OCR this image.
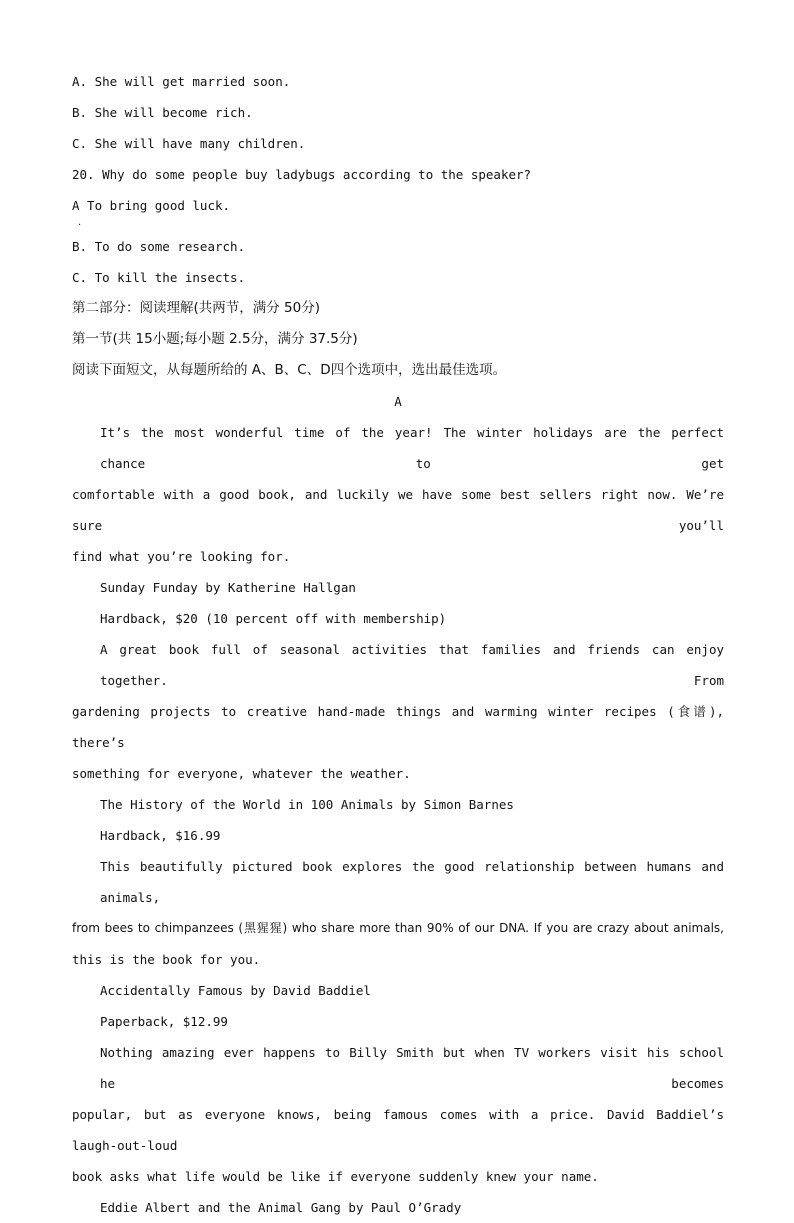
A. She will get married soon.
B. She will become rich.
C. She will have many children.
20. Why do some people buy ladybugs according to the speaker?
A To bring good luck.
·
B. To do some research.
C. To kill the insects.
第二部分：阅读理解(共两节，满分 50分)
第一节(共 15小题;每小题 2.5分，满分 37.5分)
阅读下面短文，从每题所给的 A、B、C、D四个选项中，选出最佳选项。
A
It’s the most wonderful time of the year! The winter holidays are the perfect chance to get
comfortable with a good book, and luckily we have some best sellers right now. We’re sure you’ll
find what you’re looking for.
Sunday Funday by Katherine Hallgan
Hardback, $20 (10 percent off with membership)
A great book full of seasonal activities that families and friends can enjoy together. From
gardening projects to creative hand-made things and warming winter recipes (食谱), there’s
something for everyone, whatever the weather.
The History of the World in 100 Animals by Simon Barnes
Hardback, $16.99
This beautifully pictured book explores the good relationship between humans and animals,
from bees to chimpanzees (黑猩猩) who share more than 90% of our DNA. If you are crazy about animals,
this is the book for you.
Accidentally Famous by David Baddiel
Paperback, $12.99
Nothing amazing ever happens to Billy Smith but when TV workers visit his school he becomes
popular, but as everyone knows, being famous comes with a price. David Baddiel’s laugh-out-loud
book asks what life would be like if everyone suddenly knew your name.
Eddie Albert and the Animal Gang by Paul O’Grady
